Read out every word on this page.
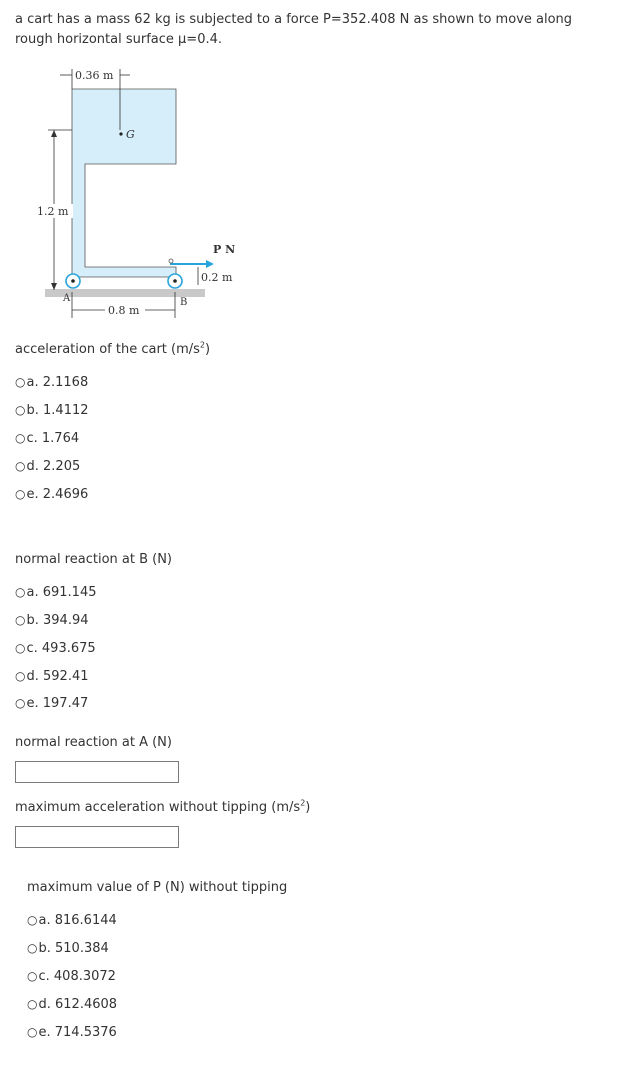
a cart has a mass 62 kg is subjected to a force P=352.408 N as shown to move along rough horizontal surface μ=0.4.
0.36 m
G
1.2 m
P N
0.2 m
A	B
0.8 m
acceleration of the cart $(m/s^2)$
○a. 2.1168
○b. 1.4112
○c. 1.764
○d. 2.205
○e. 2.4696
normal reaction at B (N)
○a. 691.145
○b. 394.94
○c. 493.675
○d. 592.41
○e. 197.47
normal reaction at A (N)
maximum acceleration without tipping $(m/s^2)$
maximum value of P (N) without tipping
○a. 816.6144
○b. 510.384
○c. 408.3072
○d. 612.4608
○e. 714.5376
